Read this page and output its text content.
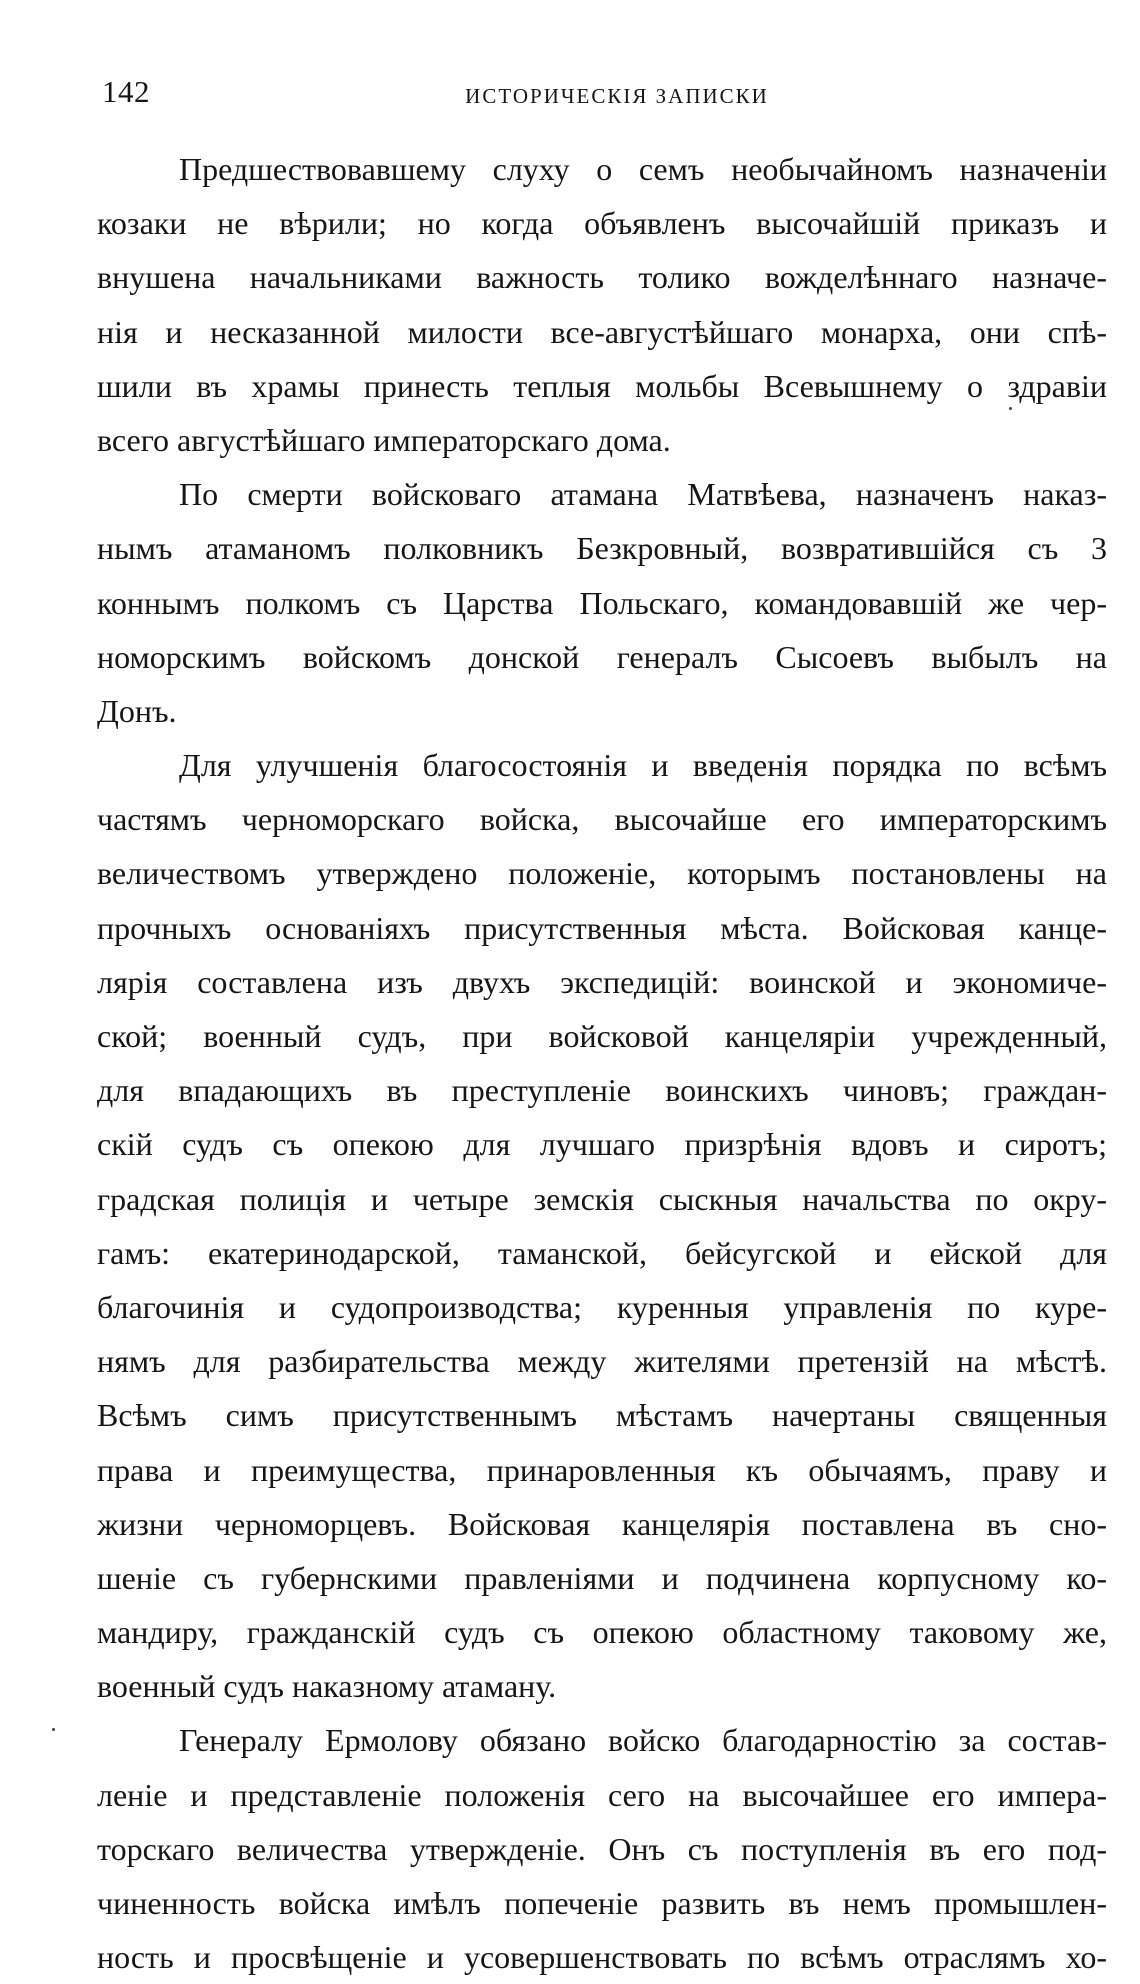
142	ИСТОРИЧЕСКІЯ ЗАПИСКИ
Предшествовавшему слуху о семъ необычайномъ назначеніи
козаки не вѣрили; но когда объявленъ высочайшій приказъ и
внушена начальниками важность толико вожделѣннаго назначе-
нія и несказанной милости все-августѣйшаго монарха, они спѣ-
шили въ храмы принесть теплыя мольбы Всевышнему о здравіи
всего августѣйшаго императорскаго дома.
По смерти войсковаго атамана Матвѣева, назначенъ наказ-
нымъ атаманомъ полковникъ Безкровный, возвратившійся съ 3
коннымъ полкомъ съ Царства Польскаго, командовавшій же чер-
номорскимъ войскомъ донской генералъ Сысоевъ выбылъ на
Донъ.
Для улучшенія благосостоянія и введенія порядка по всѣмъ
частямъ черноморскаго войска, высочайше его императорскимъ
величествомъ утверждено положеніе, которымъ постановлены на
прочныхъ основаніяхъ присутственныя мѣста. Войсковая канце-
лярія составлена изъ двухъ экспедицій: воинской и экономиче-
ской; военный судъ, при войсковой канцеляріи учрежденный,
для впадающихъ въ преступленіе воинскихъ чиновъ; граждан-
скій судъ съ опекою для лучшаго призрѣнія вдовъ и сиротъ;
градская полиція и четыре земскія сыскныя начальства по окру-
гамъ: екатеринодарской, таманской, бейсугской и ейской для
благочинія и судопроизводства; куренныя управленія по куре-
нямъ для разбирательства между жителями претензій на мѣстѣ.
Всѣмъ симъ присутственнымъ мѣстамъ начертаны священныя
права и преимущества, принаровленныя къ обычаямъ, праву и
жизни черноморцевъ. Войсковая канцелярія поставлена въ сно-
шеніе съ губернскими правленіями и подчинена корпусному ко-
мандиру, гражданскій судъ съ опекою областному таковому же,
военный судъ наказному атаману.
Генералу Ермолову обязано войско благодарностію за состав-
леніе и представленіе положенія сего на высочайшее его импера-
торскаго величества утвержденіе. Онъ съ поступленія въ его под-
чиненность войска имѣлъ попеченіе развить въ немъ промышлен-
ность и просвѣщеніе и усовершенствовать по всѣмъ отраслямъ хо-
